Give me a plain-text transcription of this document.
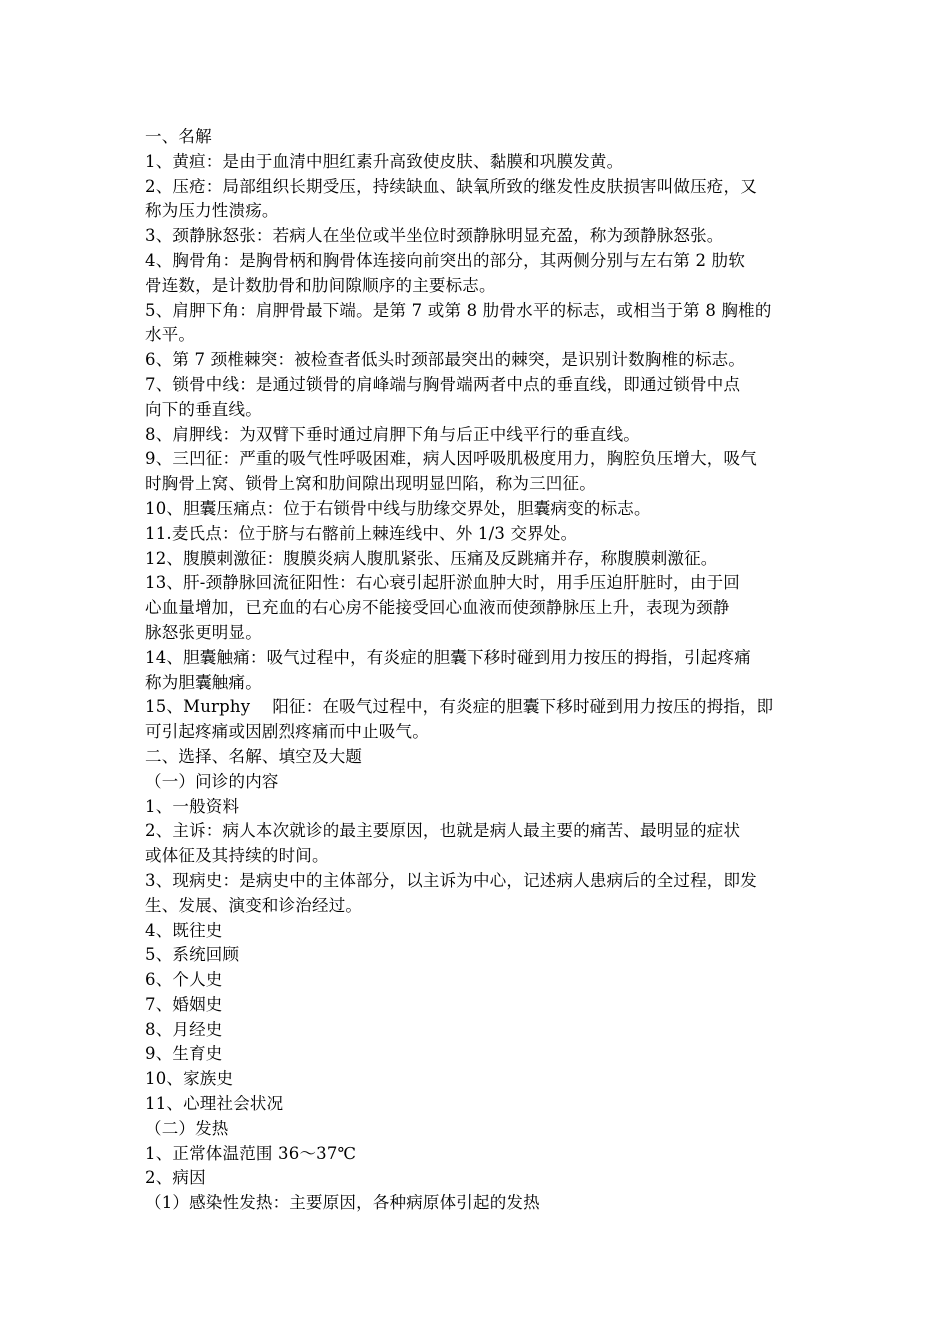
一、名解
1、黄疸：是由于血清中胆红素升高致使皮肤、黏膜和巩膜发黄。
2、压疮：局部组织长期受压，持续缺血、缺氧所致的继发性皮肤损害叫做压疮，又
称为压力性溃疡。
3、颈静脉怒张：若病人在坐位或半坐位时颈静脉明显充盈，称为颈静脉怒张。
4、胸骨角：是胸骨柄和胸骨体连接向前突出的部分，其两侧分别与左右第 2 肋软
骨连数，是计数肋骨和肋间隙顺序的主要标志。
5、肩胛下角：肩胛骨最下端。是第 7 或第 8 肋骨水平的标志，或相当于第 8 胸椎的
水平。
6、第 7 颈椎棘突：被检查者低头时颈部最突出的棘突，是识别计数胸椎的标志。
7、锁骨中线：是通过锁骨的肩峰端与胸骨端两者中点的垂直线，即通过锁骨中点
向下的垂直线。
8、肩胛线：为双臂下垂时通过肩胛下角与后正中线平行的垂直线。
9、三凹征：严重的吸气性呼吸困难，病人因呼吸肌极度用力，胸腔负压增大，吸气
时胸骨上窝、锁骨上窝和肋间隙出现明显凹陷，称为三凹征。
10、胆囊压痛点：位于右锁骨中线与肋缘交界处，胆囊病变的标志。
11.麦氏点：位于脐与右髂前上棘连线中、外 1/3 交界处。
12、腹膜刺激征：腹膜炎病人腹肌紧张、压痛及反跳痛并存，称腹膜刺激征。
13、肝-颈静脉回流征阳性：右心衰引起肝淤血肿大时，用手压迫肝脏时，由于回
心血量增加，已充血的右心房不能接受回心血液而使颈静脉压上升，表现为颈静
脉怒张更明显。
14、胆囊触痛：吸气过程中，有炎症的胆囊下移时碰到用力按压的拇指，引起疼痛
称为胆囊触痛。
15、Murphy　 阳征：在吸气过程中，有炎症的胆囊下移时碰到用力按压的拇指，即
可引起疼痛或因剧烈疼痛而中止吸气。
二、选择、名解、填空及大题
（一）问诊的内容
1、一般资料
2、主诉：病人本次就诊的最主要原因，也就是病人最主要的痛苦、最明显的症状
或体征及其持续的时间。
3、现病史：是病史中的主体部分，以主诉为中心，记述病人患病后的全过程，即发
生、发展、演变和诊治经过。
4、既往史
5、系统回顾
6、个人史
7、婚姻史
8、月经史
9、生育史
10、家族史
11、心理社会状况
（二）发热
1、正常体温范围 36～37℃
2、病因
（1）感染性发热：主要原因，各种病原体引起的发热
